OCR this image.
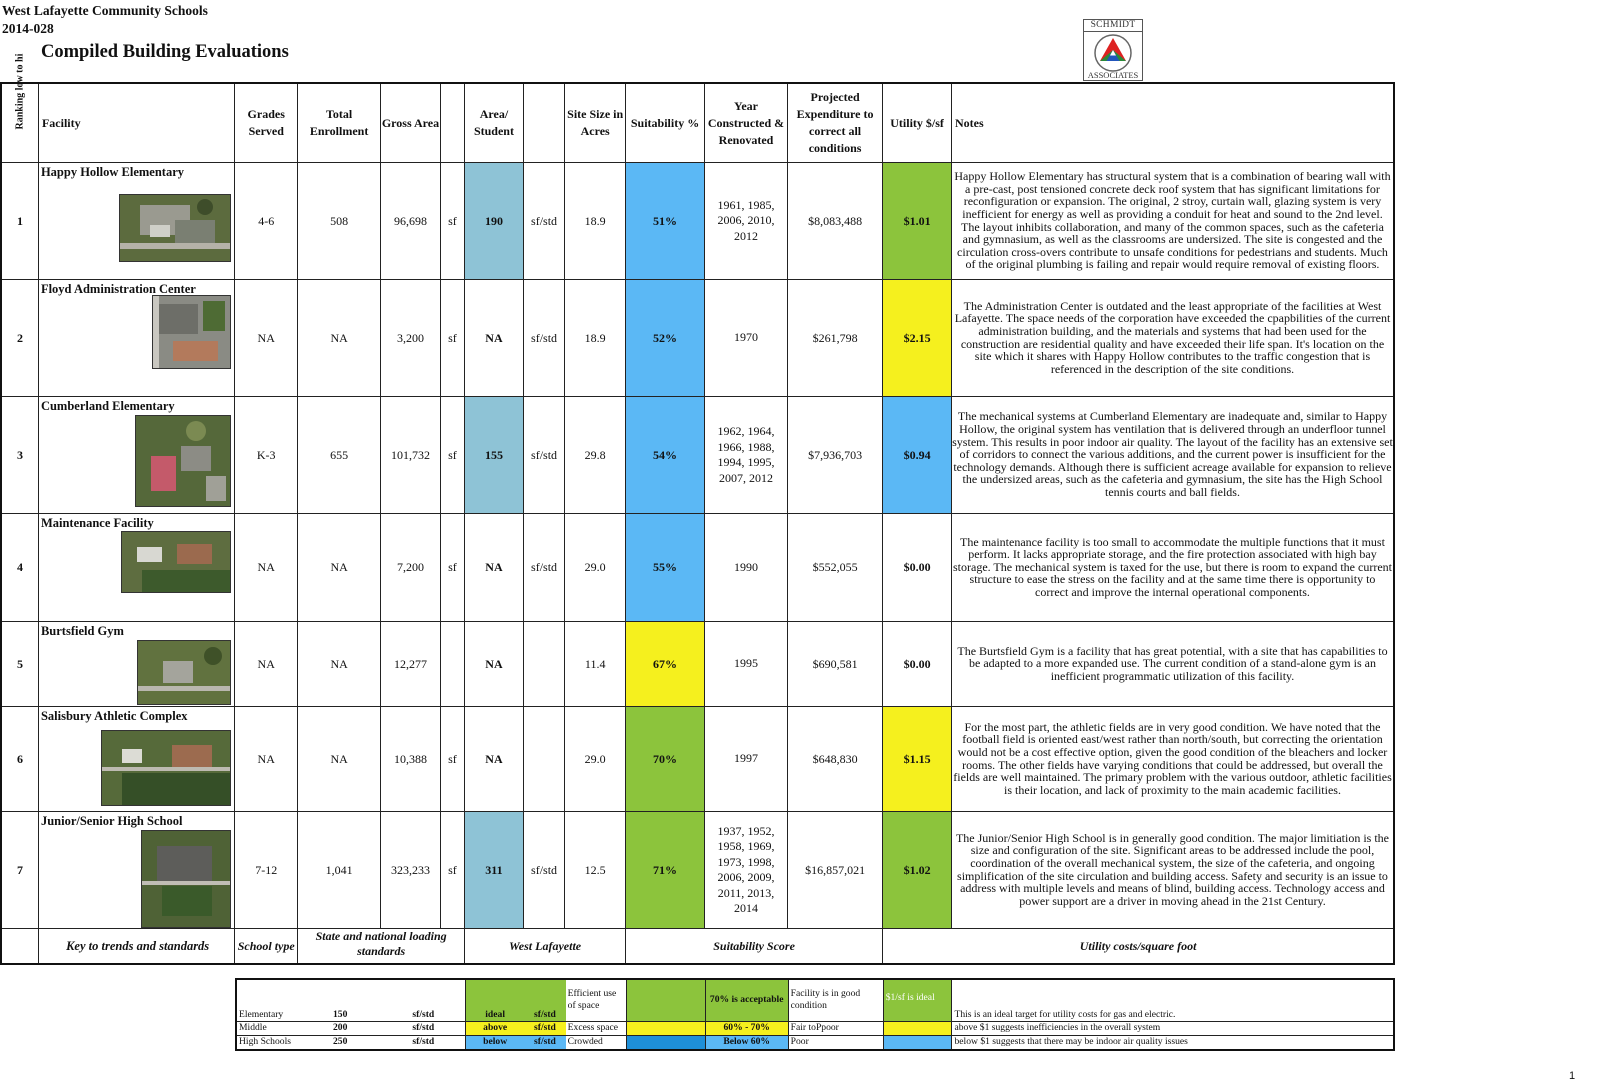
West Lafayette Community Schools
2014-028
Compiled Building Evaluations
SCHMIDT
ASSOCIATES
Ranking low to hi	Facility	Grades Served	Total Enrollment	Gross Area		Area/ Student		Site Size in Acres	Suitability %	Year Constructed & Renovated	Projected Expenditure to correct all conditions	Utility $/sf	Notes
1	Happy Hollow Elementary	4-6	508	96,698	sf	190	sf/std	18.9	51%	1961, 1985, 2006, 2010, 2012	$8,083,488	$1.01	Happy Hollow Elementary has structural system that is a combination of bearing wall with a pre-cast, post tensioned concrete deck roof system that has significant limitations for reconfiguration or expansion. The original, 2 stroy, curtain wall, glazing system is very inefficient for energy as well as providing a conduit for heat and sound to the 2nd level. The layout inhibits collaboration, and many of the common spaces, such as the cafeteria and gymnasium, as well as the classrooms are undersized. The site is congested and the circulation cross-overs contribute to unsafe conditions for pedestrians and students. Much of the original plumbing is failing and repair would require removal of existing floors.

2	Floyd Administration Center	NA	NA	3,200	sf	NA	sf/std	18.9	52%	1970	$261,798	$2.15	The Administration Center is outdated and the least appropriate of the facilities at West Lafayette. The space needs of the corporation have exceeded the cpapbilities of the current administration building, and the materials and systems that had been used for the construction are residential quality and have exceeded their life span. It's location on the site which it shares with Happy Hollow contributes to the traffic congestion that is referenced in the description of the site conditions.

3	Cumberland Elementary	K-3	655	101,732	sf	155	sf/std	29.8	54%	1962, 1964, 1966, 1988, 1994, 1995, 2007, 2012	$7,936,703	$0.94	The mechanical systems at Cumberland Elementary are inadequate and, similar to Happy Hollow, the original system has ventilation that is delivered through an underfloor tunnel system. This results in poor indoor air quality. The layout of the facility has an extensive set of corridors to connect the various additions, and the current power is insufficient for the technology demands. Although there is sufficient acreage available for expansion to relieve the undersized areas, such as the cafeteria and gymnasium, the site has the High School tennis courts and ball fields.

4	Maintenance Facility	NA	NA	7,200	sf	NA	sf/std	29.0	55%	1990	$552,055	$0.00	The maintenance facility is too small to accommodate the multiple functions that it must perform. It lacks appropriate storage, and the fire protection associated with high bay storage. The mechanical system is taxed for the use, but there is room to expand the current structure to ease the stress on the facility and at the same time there is opportunity to correct and improve the internal operational components.

5	Burtsfield Gym	NA	NA	12,277		NA		11.4	67%	1995	$690,581	$0.00	The Burtsfield Gym is a facility that has great potential, with a site that has capabilities to be adapted to a more expanded use. The current condition of a stand-alone gym is an inefficient programmatic utilization of this facility.

6	Salisbury Athletic Complex	NA	NA	10,388	sf	NA		29.0	70%	1997	$648,830	$1.15	For the most part, the athletic fields are in very good condition. We have noted that the football field is oriented east/west rather than north/south, but correcting the orientation would not be a cost effective option, given the good condition of the bleachers and locker rooms. The other fields have varying conditions that could be addressed, but overall the fields are well maintained. The primary problem with the various outdoor, athletic facilities is their location, and lack of proximity to the main academic facilities.

7	Junior/Senior High School	7-12	1,041	323,233	sf	311	sf/std	12.5	71%	1937, 1952, 1958, 1969, 1973, 1998, 2006, 2009, 2011, 2013, 2014	$16,857,021	$1.02	The Junior/Senior High School is in generally good condition. The major limitiation is the size and configuration of the site. Significant areas to be addressed include the pool, coordination of the overall mechanical system, the size of the cafeteria, and ongoing simplification of the site circulation and building access. Safety and security is an issue to address with multiple levels and means of blind, building access. Technology access and power support are a driver in moving ahead in the 21st Century.

	Key to trends and standards	School type	State and national loading standards			West Lafayette			Suitability Score			Utility costs/square foot	
Elementary	150	sf/std	ideal	sf/std	Efficient use of space		70% is acceptable	Facility is in good condition	$1/sf is ideal	This is an ideal target for utility costs for gas and electric.
Middle	200	sf/std	above	sf/std	Excess space		60% - 70%	Fair toPpoor		above $1 suggests inefficiencies in the overall system
High Schools	250	sf/std	below	sf/std	Crowded		Below 60%	Poor		below $1 suggests that there may be indoor air quality issues
1
